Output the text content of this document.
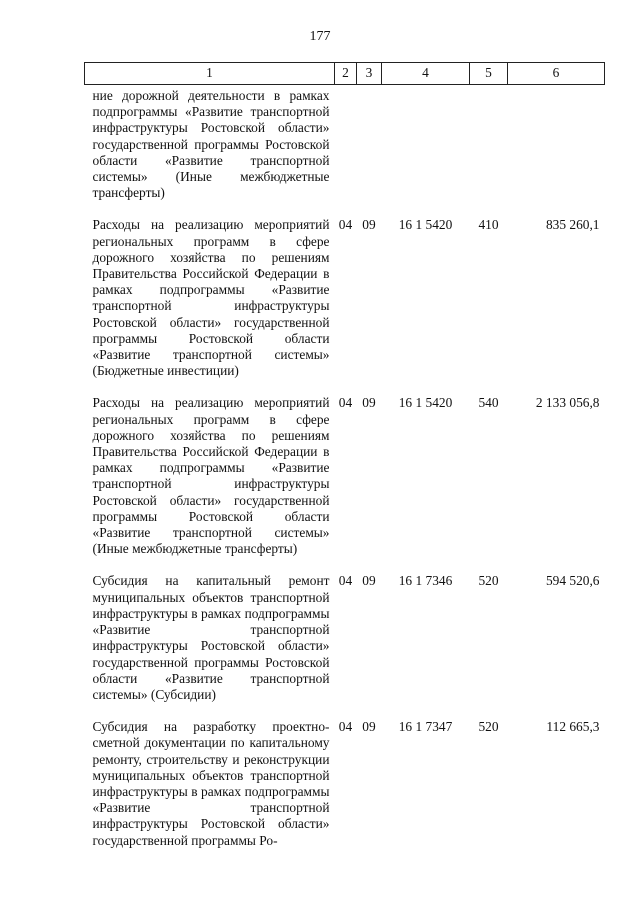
177
1	2	3	4	5	6
ние дорожной деятельности в рамках подпрограммы «Развитие транспортной инфраструктуры Ростовской области» государственной программы Ростовской области «Развитие транспортной системы» (Иные межбюджетные трансферты)					

Расходы на реализацию мероприятий региональных программ в сфере дорожного хозяйства по решениям Правительства Российской Федерации в рамках подпрограммы «Развитие транспортной инфраструктуры Ростовской области» государственной программы Ростовской области «Развитие транспортной системы» (Бюджетные инвестиции)	04	09	16 1 5420	410	835 260,1

Расходы на реализацию мероприятий региональных программ в сфере дорожного хозяйства по решениям Правительства Российской Федерации в рамках подпрограммы «Развитие транспортной инфраструктуры Ростовской области» государственной программы Ростовской области «Развитие транспортной системы» (Иные межбюджетные трансферты)	04	09	16 1 5420	540	2 133 056,8

Субсидия на капитальный ремонт муниципальных объектов транспортной инфраструктуры в рамках подпрограммы «Развитие транспортной инфраструктуры Ростовской области» государственной программы Ростовской области «Развитие транспортной системы» (Субсидии)	04	09	16 1 7346	520	594 520,6

Субсидия на разработку проектно-сметной документации по капитальному ремонту, строительству и реконструкции муниципальных объектов транспортной инфраструктуры в рамках подпрограммы «Развитие транспортной инфраструктуры Ростовской области» государственной программы Ро-	04	09	16 1 7347	520	112 665,3
